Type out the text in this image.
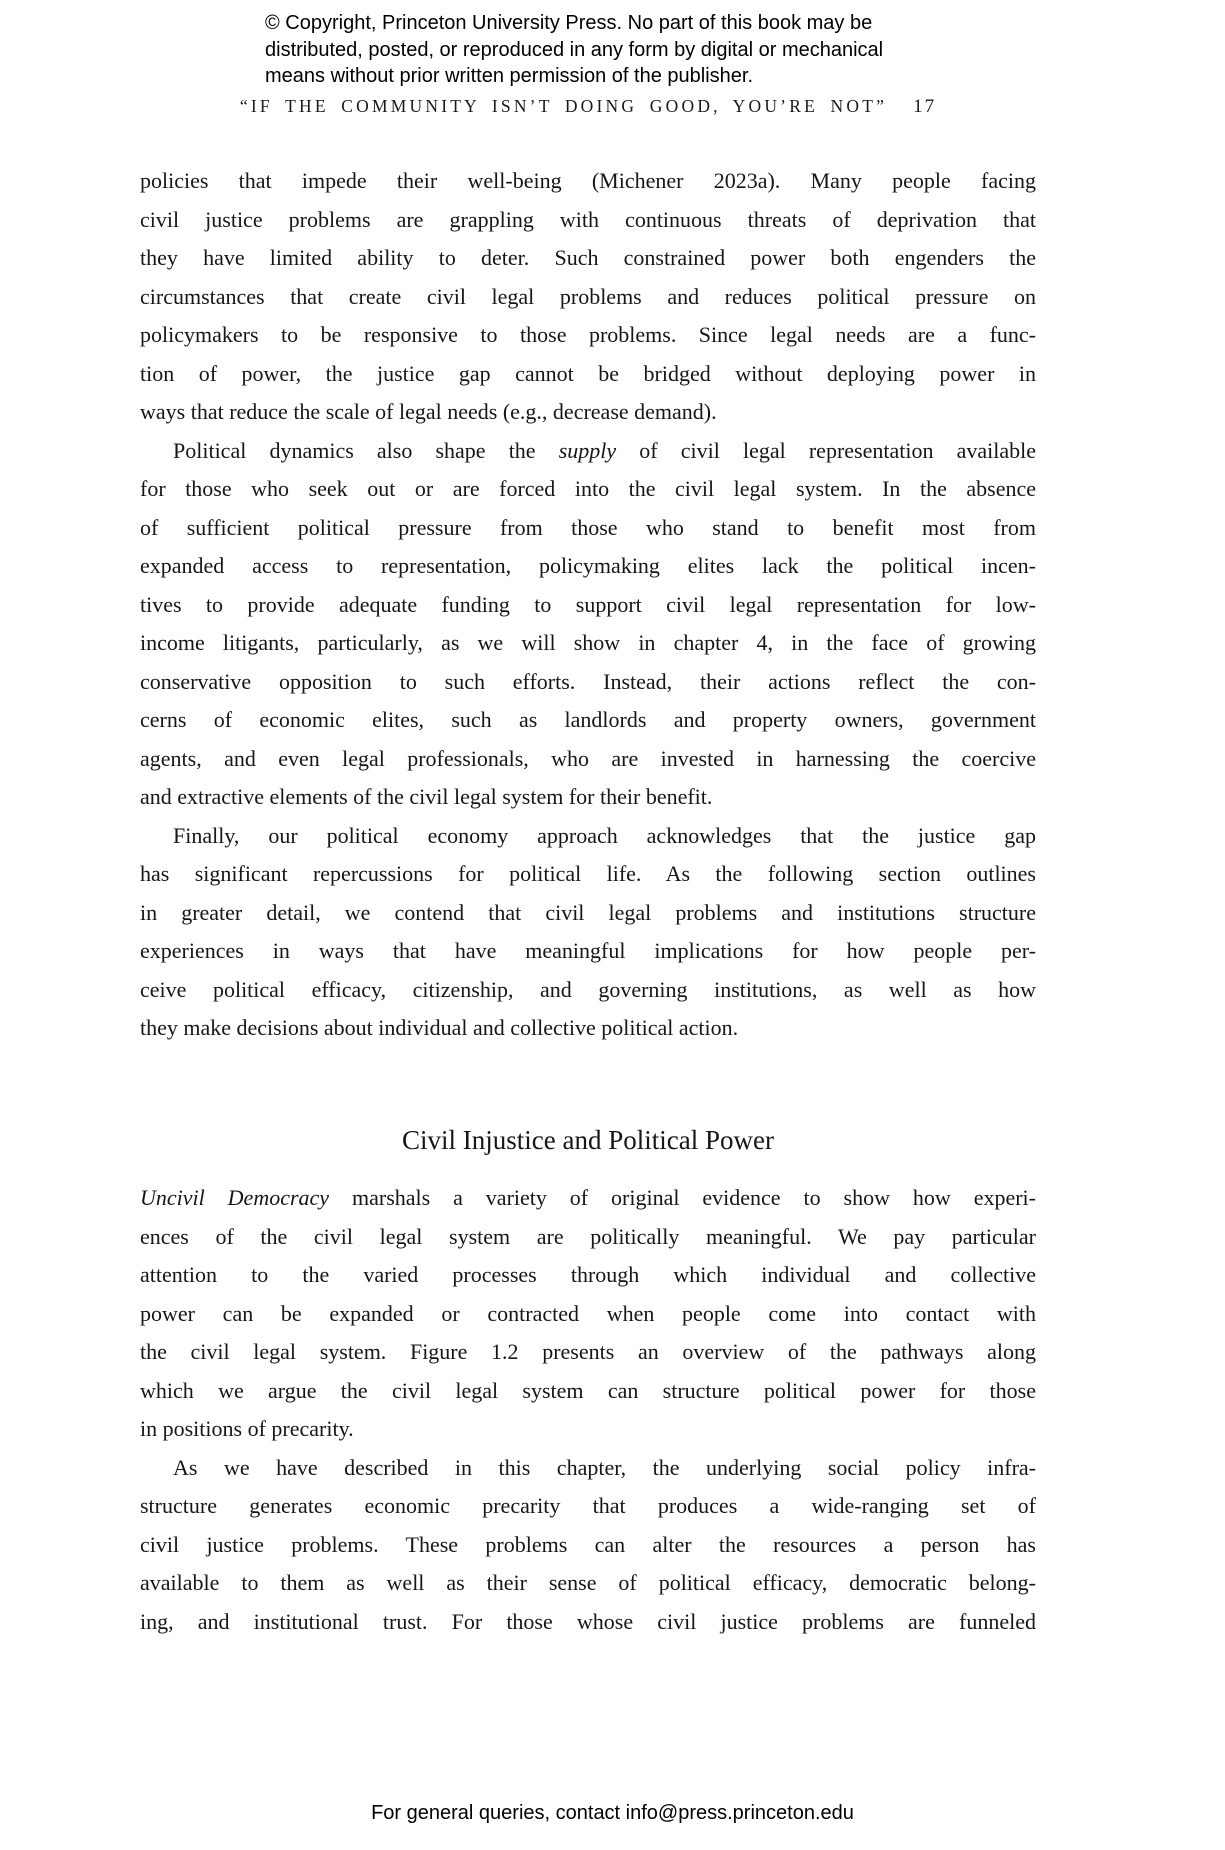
© Copyright, Princeton University Press. No part of this book may be
distributed, posted, or reproduced in any form by digital or mechanical
means without prior written permission of the publisher.
“IF THE COMMUNITY ISN’T DOING GOOD, YOU’RE NOT” 17
policies that impede their well-being (Michener 2023a). Many people facing
civil justice problems are grappling with continuous threats of deprivation that
they have limited ability to deter. Such constrained power both engenders the
circumstances that create civil legal problems and reduces political pressure on
policymakers to be responsive to those problems. Since legal needs are a func-
tion of power, the justice gap cannot be bridged without deploying power in
ways that reduce the scale of legal needs (e.g., decrease demand).
Political dynamics also shape the supply of civil legal representation available
for those who seek out or are forced into the civil legal system. In the absence
of sufficient political pressure from those who stand to benefit most from
expanded access to representation, policymaking elites lack the political incen-
tives to provide adequate funding to support civil legal representation for low-
income litigants, particularly, as we will show in chapter 4, in the face of growing
conservative opposition to such efforts. Instead, their actions reflect the con-
cerns of economic elites, such as landlords and property owners, government
agents, and even legal professionals, who are invested in harnessing the coercive
and extractive elements of the civil legal system for their benefit.
Finally, our political economy approach acknowledges that the justice gap
has significant repercussions for political life. As the following section outlines
in greater detail, we contend that civil legal problems and institutions structure
experiences in ways that have meaningful implications for how people per-
ceive political efficacy, citizenship, and governing institutions, as well as how
they make decisions about individual and collective political action.
Civil Injustice and Political Power
Uncivil Democracy marshals a variety of original evidence to show how experi-
ences of the civil legal system are politically meaningful. We pay particular
attention to the varied processes through which individual and collective
power can be expanded or contracted when people come into contact with
the civil legal system. Figure 1.2 presents an overview of the pathways along
which we argue the civil legal system can structure political power for those
in positions of precarity.
As we have described in this chapter, the underlying social policy infra-
structure generates economic precarity that produces a wide-ranging set of
civil justice problems. These problems can alter the resources a person has
available to them as well as their sense of political efficacy, democratic belong-
ing, and institutional trust. For those whose civil justice problems are funneled
For general queries, contact info@press.princeton.edu
